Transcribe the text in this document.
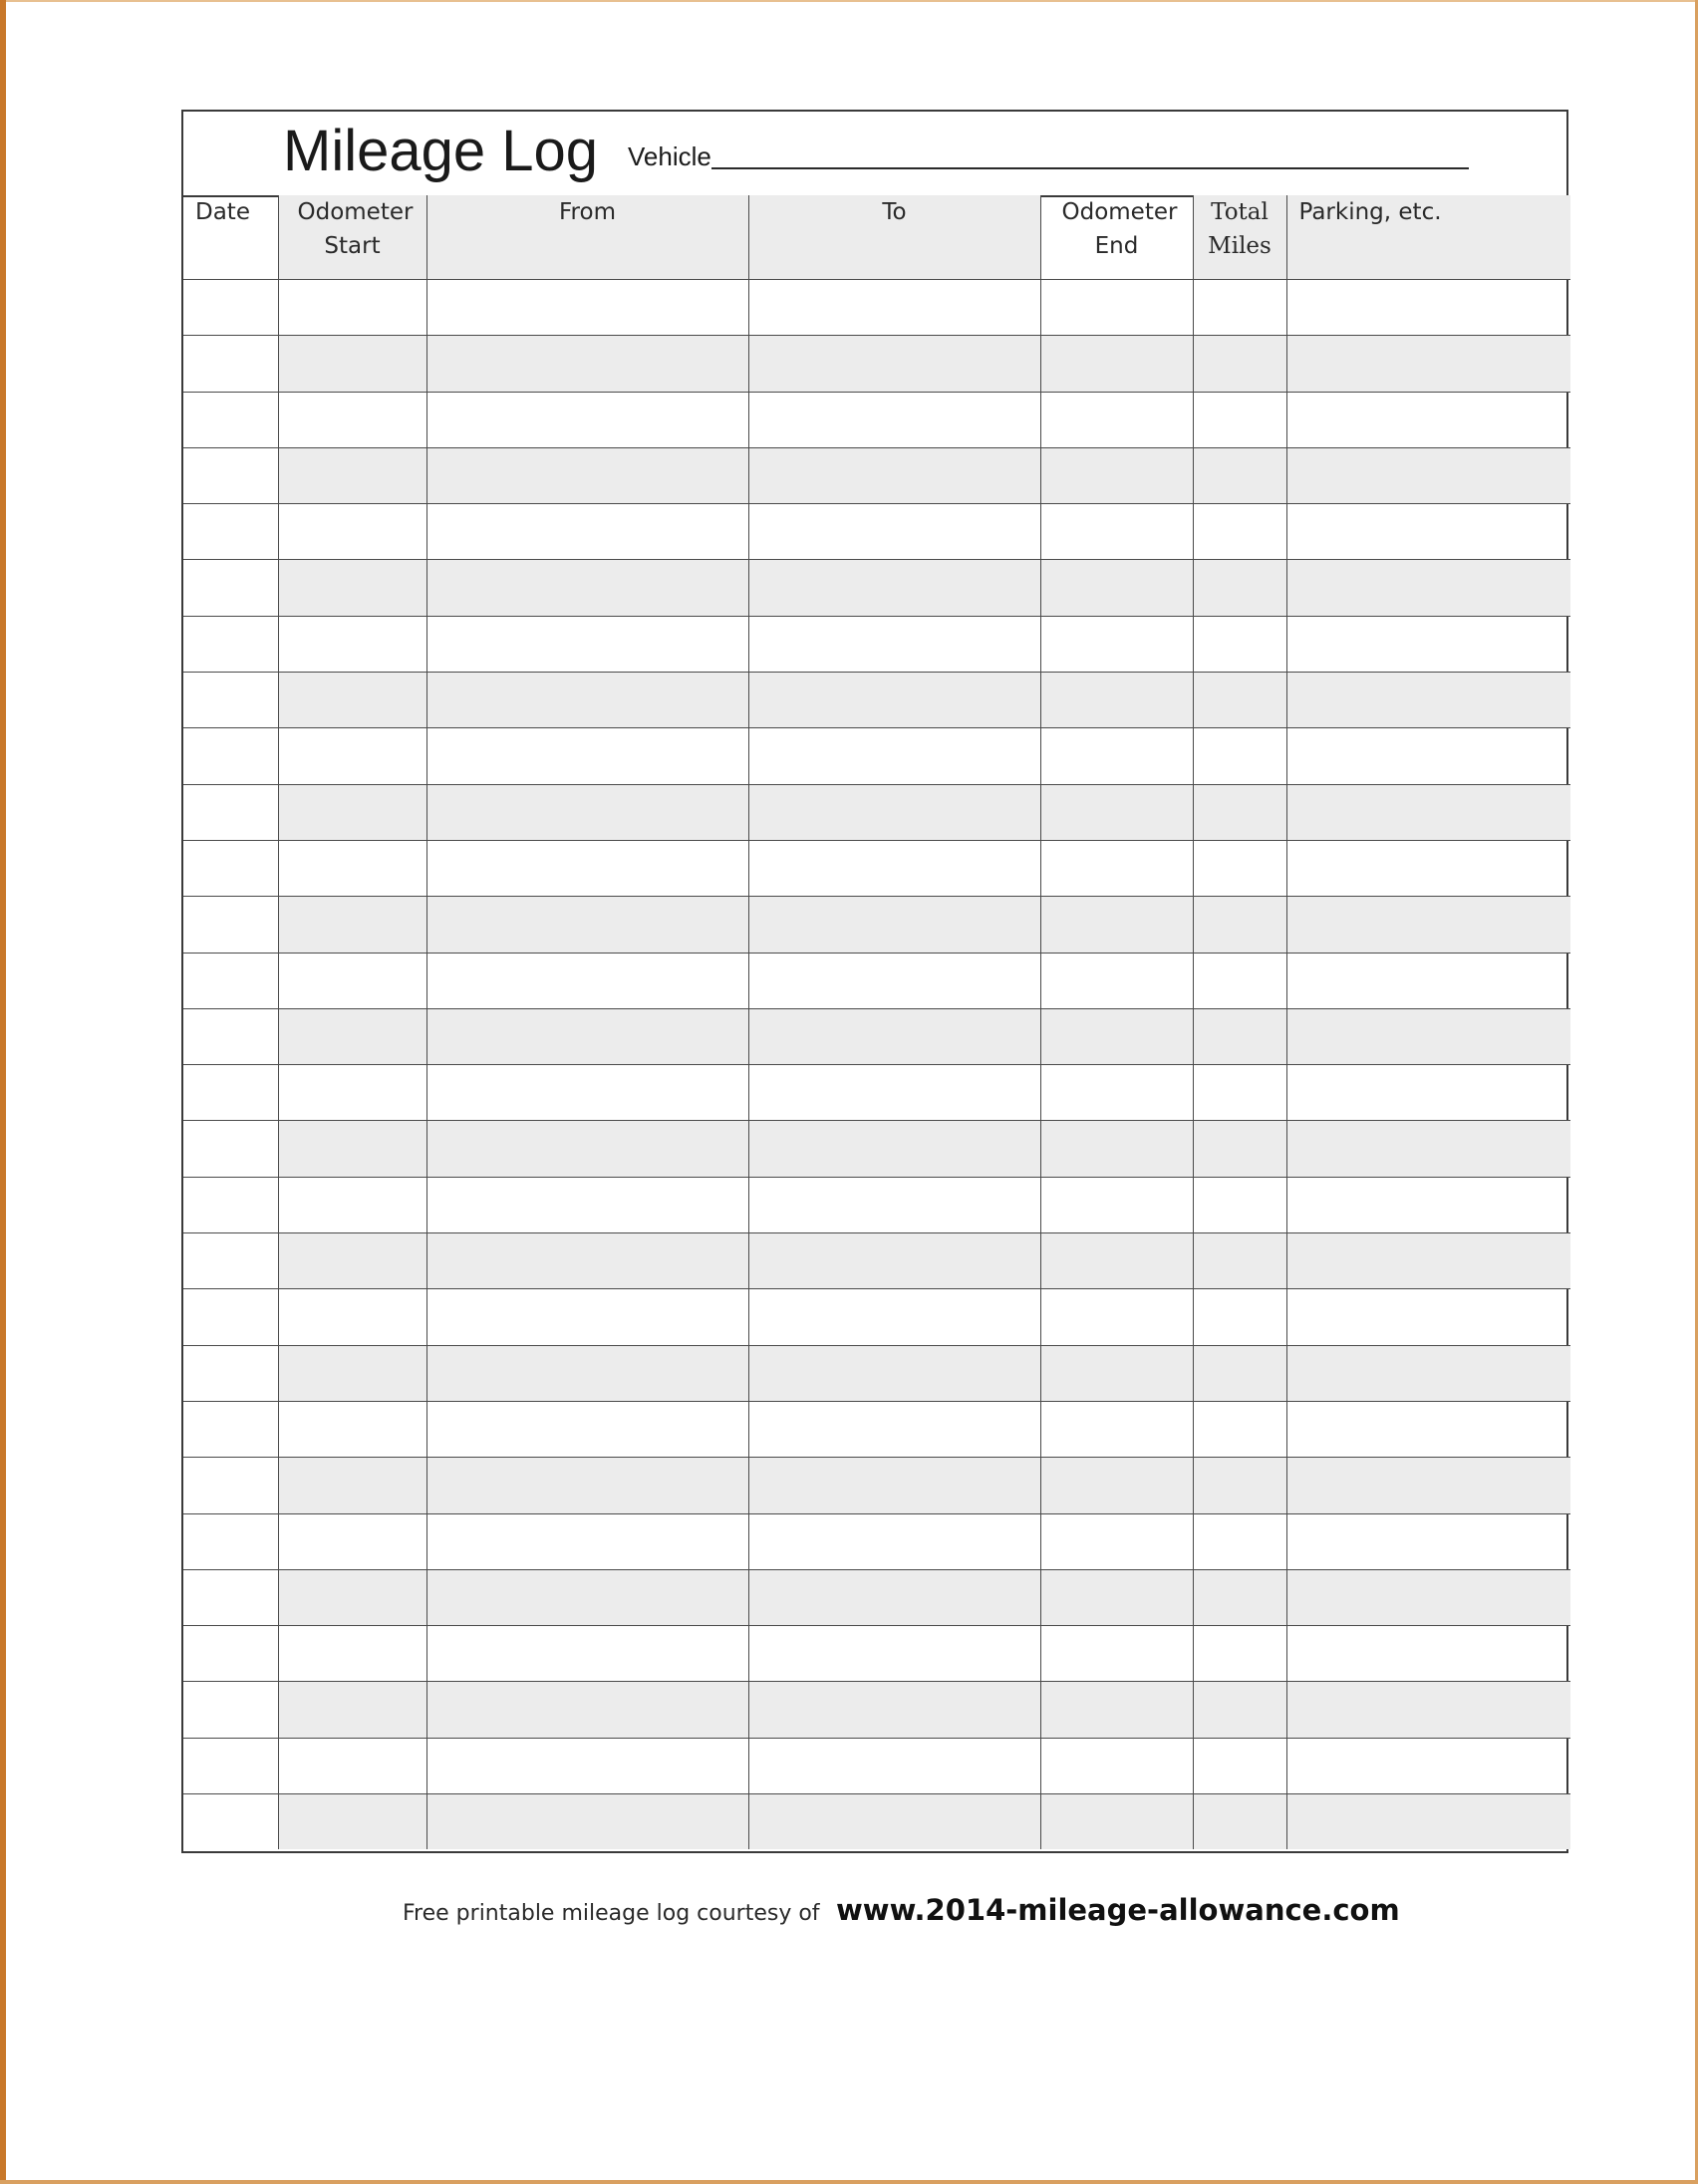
Mileage Log Vehicle
Date	Odometer Start	From	To	Odometer End	Total Miles	Parking, etc.

Free printable mileage log courtesy of www.2014-mileage-allowance.com
